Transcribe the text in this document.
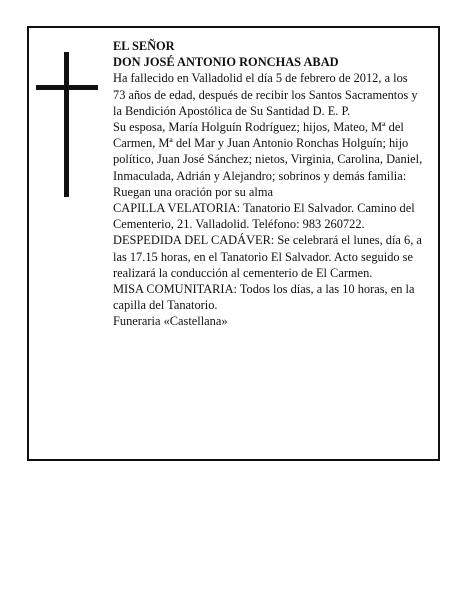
EL SEÑOR

DON JOSÉ ANTONIO RONCHAS ABAD

Ha fallecido en Valladolid el día 5 de febrero de 2012, a los 73 años de edad, después de recibir los Santos Sacramentos y la Bendición Apostólica de Su Santidad D. E. P.

Su esposa, María Holguín Rodríguez; hijos, Mateo, Mª del Carmen, Mª del Mar y Juan Antonio Ronchas Holguín; hijo político, Juan José Sánchez; nietos, Virginia, Carolina, Daniel, Inmaculada, Adrián y Alejandro; sobrinos y demás familia:

Ruegan una oración por su alma

CAPILLA VELATORIA: Tanatorio El Salvador. Camino del Cementerio, 21. Valladolid. Teléfono: 983 260722.

DESPEDIDA DEL CADÁVER: Se celebrará el lunes, día 6, a las 17.15 horas, en el Tanatorio El Salvador. Acto seguido se realizará la conducción al cementerio de El Carmen.

MISA COMUNITARIA: Todos los días, a las 10 horas, en la capilla del Tanatorio.

Funeraria «Castellana»
